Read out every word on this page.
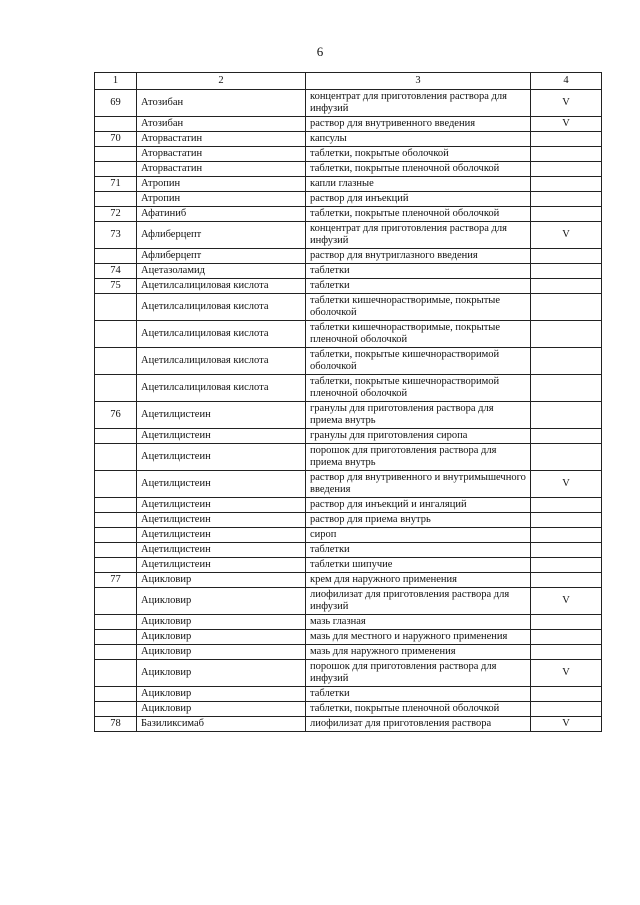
6
1	2	3	4
69	Атозибан	концентрат для приготовления раствора для инфузий	V
	Атозибан	раствор для внутривенного введения	V
70	Аторвастатин	капсулы	
	Аторвастатин	таблетки, покрытые оболочкой	
	Аторвастатин	таблетки, покрытые пленочной оболочкой	
71	Атропин	капли глазные	
	Атропин	раствор для инъекций	
72	Афатиниб	таблетки, покрытые пленочной оболочкой	
73	Афлиберцепт	концентрат для приготовления раствора для инфузий	V
	Афлиберцепт	раствор для внутриглазного введения	
74	Ацетазоламид	таблетки	
75	Ацетилсалициловая кислота	таблетки	
	Ацетилсалициловая кислота	таблетки кишечнорастворимые, покрытые оболочкой	
	Ацетилсалициловая кислота	таблетки кишечнорастворимые, покрытые пленочной оболочкой	
	Ацетилсалициловая кислота	таблетки, покрытые кишечнорастворимой оболочкой	
	Ацетилсалициловая кислота	таблетки, покрытые кишечнорастворимой пленочной оболочкой	
76	Ацетилцистеин	гранулы для приготовления раствора для приема внутрь	
	Ацетилцистеин	гранулы для приготовления сиропа	
	Ацетилцистеин	порошок для приготовления раствора для приема внутрь	
	Ацетилцистеин	раствор для внутривенного и внутримышечного введения	V
	Ацетилцистеин	раствор для инъекций и ингаляций	
	Ацетилцистеин	раствор для приема внутрь	
	Ацетилцистеин	сироп	
	Ацетилцистеин	таблетки	
	Ацетилцистеин	таблетки шипучие	
77	Ацикловир	крем для наружного применения	
	Ацикловир	лиофилизат для приготовления раствора для инфузий	V
	Ацикловир	мазь глазная	
	Ацикловир	мазь для местного и наружного применения	
	Ацикловир	мазь для наружного применения	
	Ацикловир	порошок для приготовления раствора для инфузий	V
	Ацикловир	таблетки	
	Ацикловир	таблетки, покрытые пленочной оболочкой	
78	Базиликсимаб	лиофилизат для приготовления раствора	V
